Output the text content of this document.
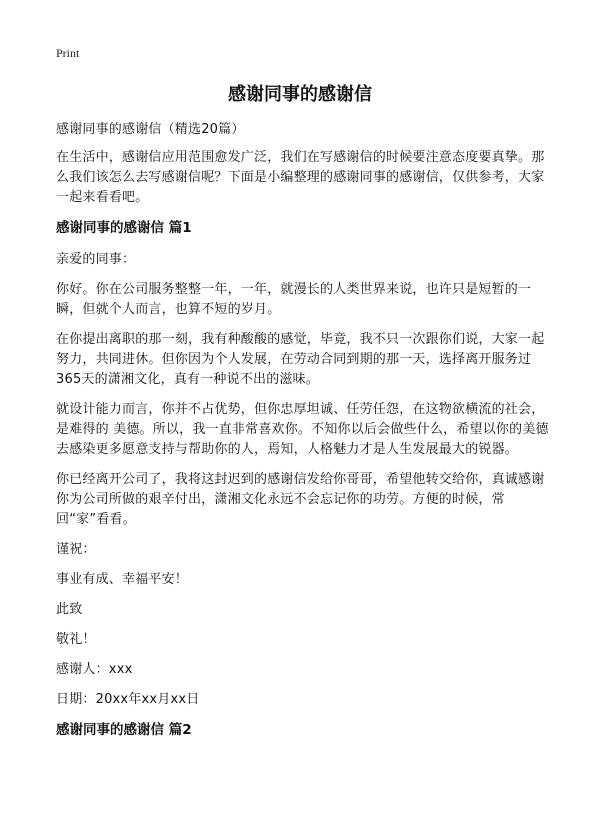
Print
感谢同事的感谢信

感谢同事的感谢信（精选20篇）

在生活中，感谢信应用范围愈发广泛，我们在写感谢信的时候要注意态度要真挚。那么我们该怎么去写感谢信呢？下面是小编整理的感谢同事的感谢信，仅供参考，大家一起来看看吧。

感谢同事的感谢信 篇1

亲爱的同事：

你好。你在公司服务整整一年，一年，就漫长的人类世界来说，也许只是短暂的一瞬，但就个人而言，也算不短的岁月。

在你提出离职的那一刻，我有种酸酸的感觉，毕竟，我不只一次跟你们说，大家一起努力，共同进休。但你因为个人发展，在劳动合同到期的那一天，选择离开服务过365天的潇湘文化，真有一种说不出的滋味。

就设计能力而言，你并不占优势，但你忠厚坦诚、任劳任怨，在这物欲横流的社会，是难得的 美德。所以，我一直非常喜欢你。不知你以后会做些什么，希望以你的美德去感染更多愿意支持与帮助你的人，焉知，人格魅力才是人生发展最大的锐器。

你已经离开公司了，我将这封迟到的感谢信发给你哥哥，希望他转交给你，真诚感谢你为公司所做的艰辛付出，潇湘文化永远不会忘记你的功劳。方便的时候，常回“家”看看。

谨祝：

事业有成、幸福平安！

此致

敬礼！

感谢人：xxx

日期：20xx年xx月xx日

感谢同事的感谢信 篇2
